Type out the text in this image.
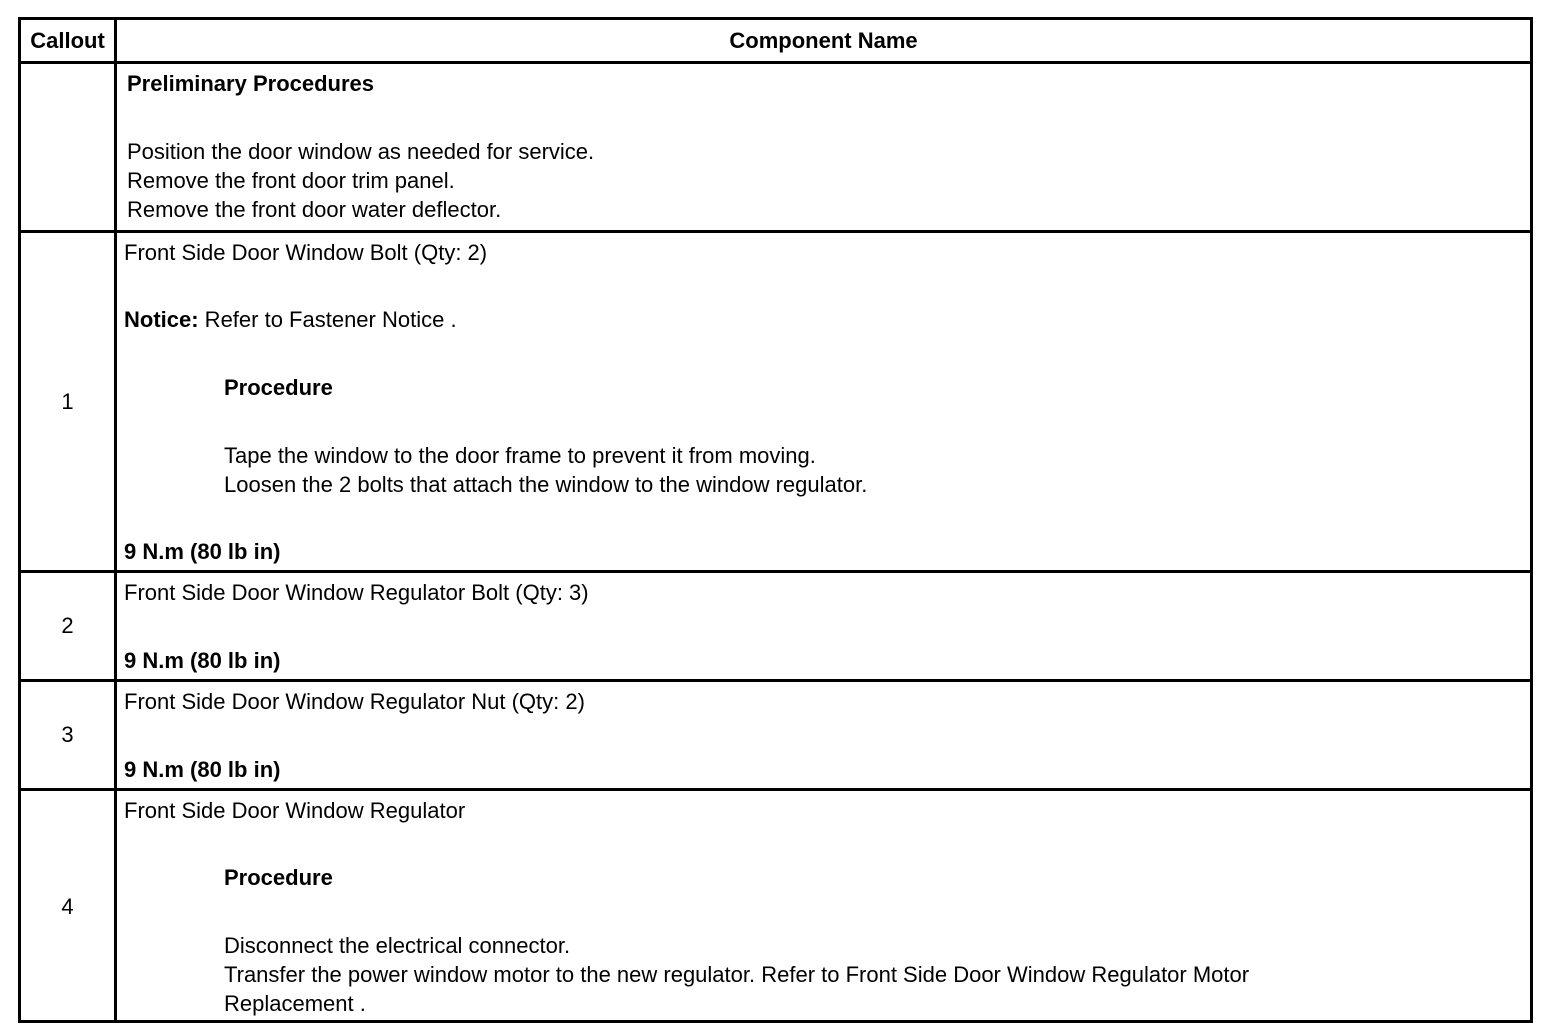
Callout	Component Name
Preliminary Procedures
Position the door window as needed for service.
Remove the front door trim panel.
Remove the front door water deflector.
1
Front Side Door Window Bolt (Qty: 2)
Notice: Refer to Fastener Notice .
Procedure
Tape the window to the door frame to prevent it from moving.
Loosen the 2 bolts that attach the window to the window regulator.
9 N.m (80 lb in)
2
Front Side Door Window Regulator Bolt (Qty: 3)
9 N.m (80 lb in)
3
Front Side Door Window Regulator Nut (Qty: 2)
9 N.m (80 lb in)
4
Front Side Door Window Regulator
Procedure
Disconnect the electrical connector.
Transfer the power window motor to the new regulator. Refer to Front Side Door Window Regulator Motor
Replacement .
